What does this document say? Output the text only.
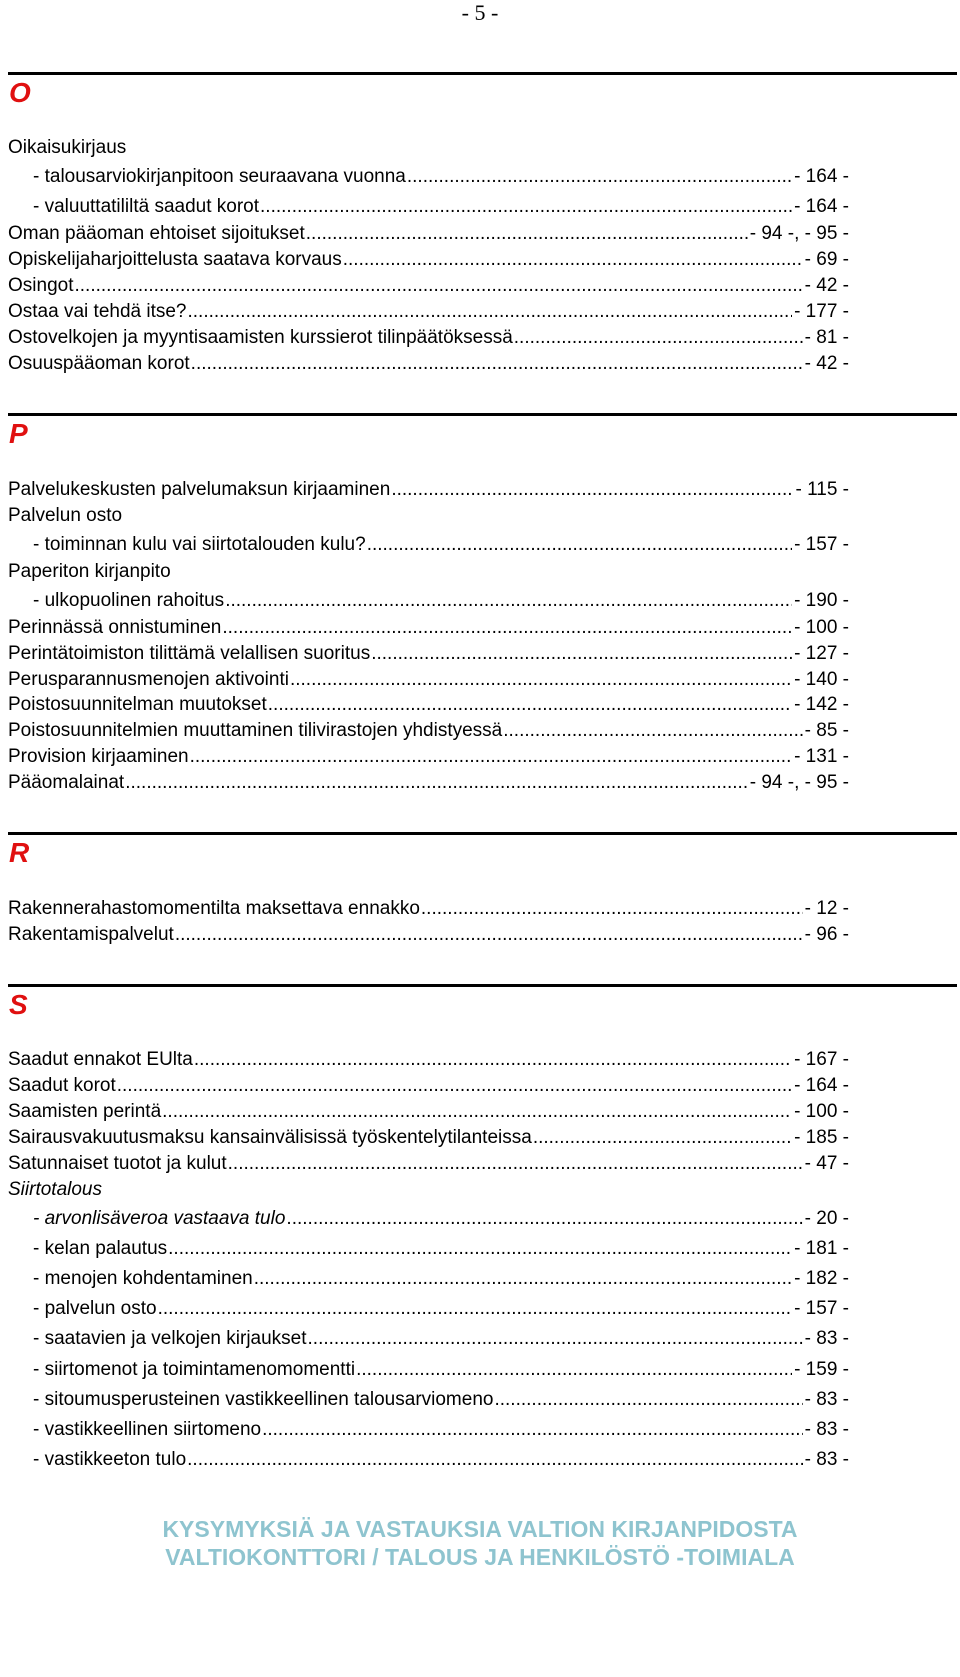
- 5 -
O
Oikaisukirjaus
- talousarviokirjanpitoon seuraavana vuonna .....	- 164 -
- valuuttatililtä saadut korot .....	- 164 -
Oman pääoman ehtoiset sijoitukset .....	- 94 -, - 95 -
Opiskelijaharjoittelusta saatava korvaus .....	- 69 -
Osingot .....	- 42 -
Ostaa vai tehdä itse? .....	- 177 -
Ostovelkojen ja myyntisaamisten kurssierot tilinpäätöksessä .....	- 81 -
Osuuspääoman korot .....	- 42 -
P
Palvelukeskusten palvelumaksun kirjaaminen .....	- 115 -
Palvelun osto
- toiminnan kulu vai siirtotalouden kulu? .....	- 157 -
Paperiton kirjanpito
- ulkopuolinen rahoitus .....	- 190 -
Perinnässä onnistuminen .....	- 100 -
Perintätoimiston tilittämä velallisen suoritus .....	- 127 -
Perusparannusmenojen aktivointi .....	- 140 -
Poistosuunnitelman muutokset .....	- 142 -
Poistosuunnitelmien muuttaminen tilivirastojen yhdistyessä .....	- 85 -
Provision kirjaaminen .....	- 131 -
Pääomalainat .....	- 94 -, - 95 -
R
Rakennerahastomomentilta maksettava ennakko .....	- 12 -
Rakentamispalvelut .....	- 96 -
S
Saadut ennakot EUlta .....	- 167 -
Saadut korot .....	- 164 -
Saamisten perintä .....	- 100 -
Sairausvakuutusmaksu kansainvälisissä työskentelytilanteissa .....	- 185 -
Satunnaiset tuotot ja kulut .....	- 47 -
Siirtotalous
- arvonlisäveroa vastaava tulo .....	- 20 -
- kelan palautus .....	- 181 -
- menojen kohdentaminen .....	- 182 -
- palvelun osto .....	- 157 -
- saatavien ja velkojen kirjaukset .....	- 83 -
- siirtomenot ja toimintamenomomentti .....	- 159 -
- sitoumusperusteinen vastikkeellinen talousarviomeno .....	- 83 -
- vastikkeellinen siirtomeno .....	- 83 -
- vastikkeeton tulo .....	- 83 -
KYSYMYKSIÄ JA VASTAUKSIA VALTION KIRJANPIDOSTA
VALTIOKONTTORI / TALOUS JA HENKILÖSTÖ -TOIMIALA
